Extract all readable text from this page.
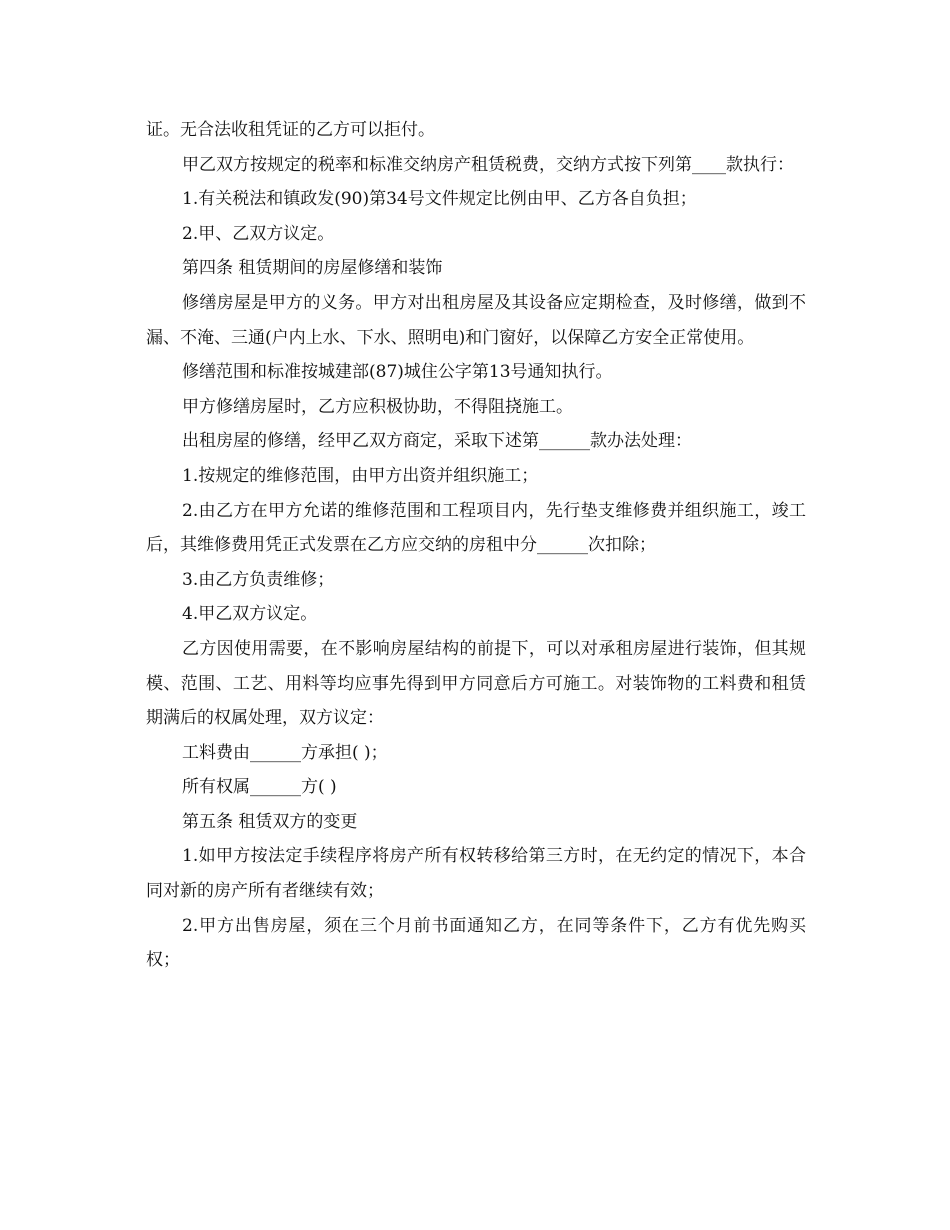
证。无合法收租凭证的乙方可以拒付。

甲乙双方按规定的税率和标准交纳房产租赁税费，交纳方式按下列第____款执行：

1.有关税法和镇政发(90)第34号文件规定比例由甲、乙方各自负担；

2.甲、乙双方议定。

第四条 租赁期间的房屋修缮和装饰

修缮房屋是甲方的义务。甲方对出租房屋及其设备应定期检查，及时修缮，做到不漏、不淹、三通(户内上水、下水、照明电)和门窗好，以保障乙方安全正常使用。

修缮范围和标准按城建部(87)城住公字第13号通知执行。

甲方修缮房屋时，乙方应积极协助，不得阻挠施工。

出租房屋的修缮，经甲乙双方商定，采取下述第______款办法处理：

1.按规定的维修范围，由甲方出资并组织施工；

2.由乙方在甲方允诺的维修范围和工程项目内，先行垫支维修费并组织施工，竣工后，其维修费用凭正式发票在乙方应交纳的房租中分______次扣除；

3.由乙方负责维修；

4.甲乙双方议定。

乙方因使用需要，在不影响房屋结构的前提下，可以对承租房屋进行装饰，但其规模、范围、工艺、用料等均应事先得到甲方同意后方可施工。对装饰物的工料费和租赁期满后的权属处理，双方议定：

工料费由______方承担( )；

所有权属______方( )

第五条 租赁双方的变更

1.如甲方按法定手续程序将房产所有权转移给第三方时，在无约定的情况下，本合同对新的房产所有者继续有效；

2.甲方出售房屋，须在三个月前书面通知乙方，在同等条件下，乙方有优先购买权；
